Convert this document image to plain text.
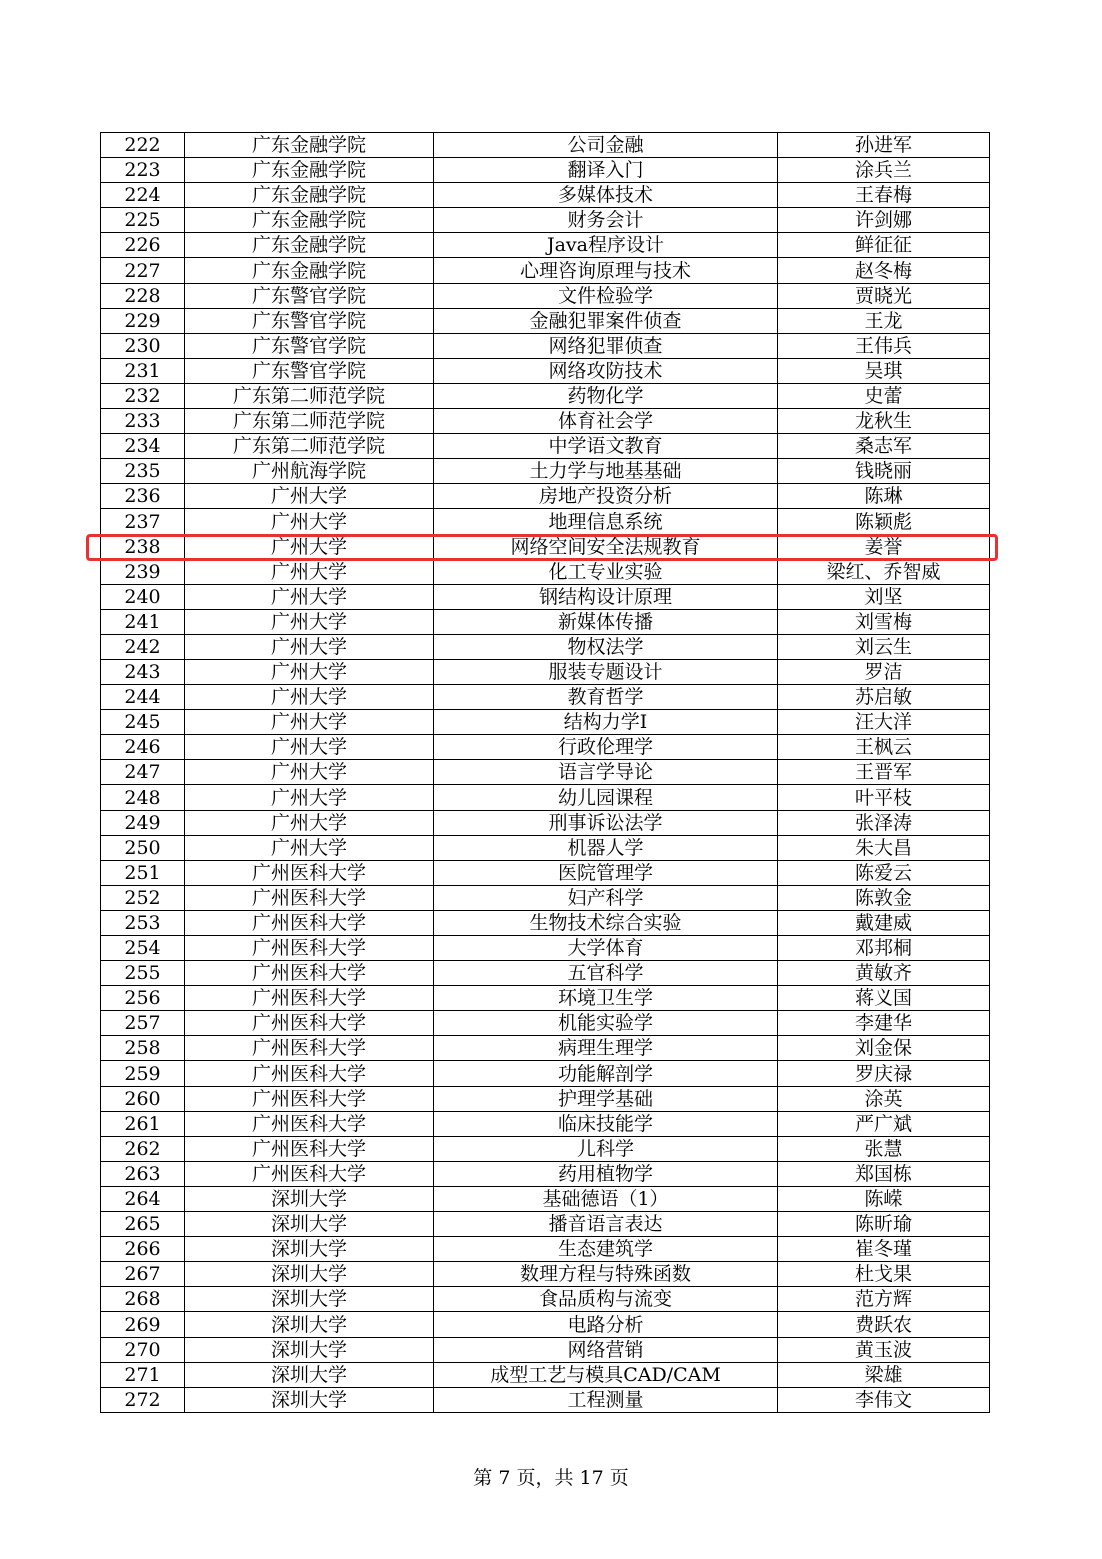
222	广东金融学院	公司金融	孙进军
223	广东金融学院	翻译入门	涂兵兰
224	广东金融学院	多媒体技术	王春梅
225	广东金融学院	财务会计	许剑娜
226	广东金融学院	Java程序设计	鲜征征
227	广东金融学院	心理咨询原理与技术	赵冬梅
228	广东警官学院	文件检验学	贾晓光
229	广东警官学院	金融犯罪案件侦查	王龙
230	广东警官学院	网络犯罪侦查	王伟兵
231	广东警官学院	网络攻防技术	吴琪
232	广东第二师范学院	药物化学	史蕾
233	广东第二师范学院	体育社会学	龙秋生
234	广东第二师范学院	中学语文教育	桑志军
235	广州航海学院	土力学与地基基础	钱晓丽
236	广州大学	房地产投资分析	陈琳
237	广州大学	地理信息系统	陈颖彪
238	广州大学	网络空间安全法规教育	姜誉
239	广州大学	化工专业实验	梁红、乔智威
240	广州大学	钢结构设计原理	刘坚
241	广州大学	新媒体传播	刘雪梅
242	广州大学	物权法学	刘云生
243	广州大学	服装专题设计	罗洁
244	广州大学	教育哲学	苏启敏
245	广州大学	结构力学I	汪大洋
246	广州大学	行政伦理学	王枫云
247	广州大学	语言学导论	王晋军
248	广州大学	幼儿园课程	叶平枝
249	广州大学	刑事诉讼法学	张泽涛
250	广州大学	机器人学	朱大昌
251	广州医科大学	医院管理学	陈爱云
252	广州医科大学	妇产科学	陈敦金
253	广州医科大学	生物技术综合实验	戴建威
254	广州医科大学	大学体育	邓邦桐
255	广州医科大学	五官科学	黄敏齐
256	广州医科大学	环境卫生学	蒋义国
257	广州医科大学	机能实验学	李建华
258	广州医科大学	病理生理学	刘金保
259	广州医科大学	功能解剖学	罗庆禄
260	广州医科大学	护理学基础	涂英
261	广州医科大学	临床技能学	严广斌
262	广州医科大学	儿科学	张慧
263	广州医科大学	药用植物学	郑国栋
264	深圳大学	基础德语（1）	陈嵘
265	深圳大学	播音语言表达	陈昕瑜
266	深圳大学	生态建筑学	崔冬瑾
267	深圳大学	数理方程与特殊函数	杜戈果
268	深圳大学	食品质构与流变	范方辉
269	深圳大学	电路分析	费跃农
270	深圳大学	网络营销	黄玉波
271	深圳大学	成型工艺与模具CAD/CAM	梁雄
272	深圳大学	工程测量	李伟文
第 7 页，共 17 页
